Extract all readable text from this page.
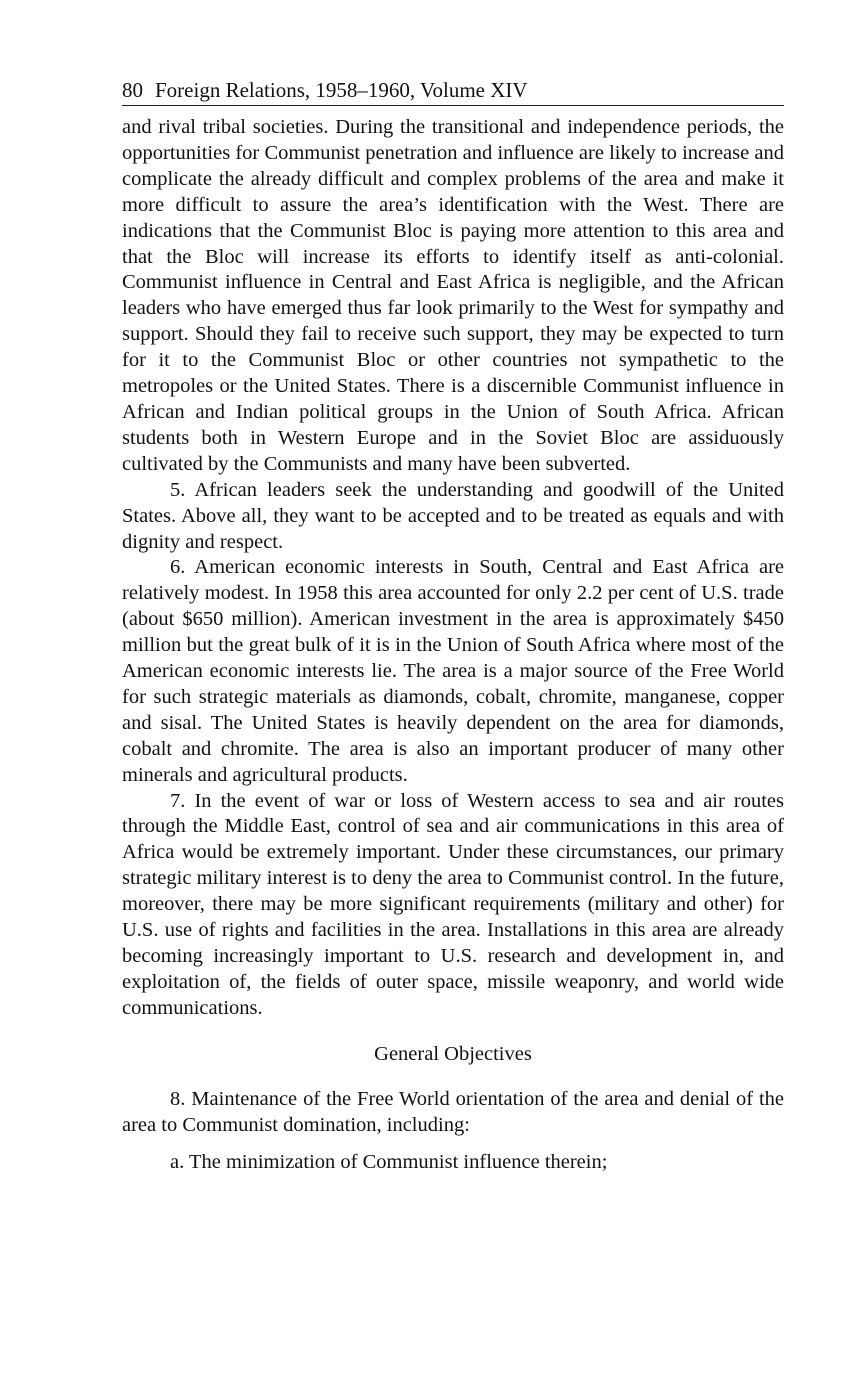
80 Foreign Relations, 1958–1960, Volume XIV

and rival tribal societies. During the transitional and independence periods, the opportunities for Communist penetration and influence are likely to increase and complicate the already difficult and complex problems of the area and make it more difficult to assure the area’s identification with the West. There are indications that the Communist Bloc is paying more attention to this area and that the Bloc will increase its efforts to identify itself as anti-colonial. Communist influence in Central and East Africa is negligible, and the African leaders who have emerged thus far look primarily to the West for sympathy and support. Should they fail to receive such support, they may be expected to turn for it to the Communist Bloc or other countries not sympathetic to the metropoles or the United States. There is a discernible Communist influence in African and Indian political groups in the Union of South Africa. African students both in Western Europe and in the Soviet Bloc are assiduously cultivated by the Communists and many have been subverted.

5. African leaders seek the understanding and goodwill of the United States. Above all, they want to be accepted and to be treated as equals and with dignity and respect.

6. American economic interests in South, Central and East Africa are relatively modest. In 1958 this area accounted for only 2.2 per cent of U.S. trade (about $650 million). American investment in the area is approximately $450 million but the great bulk of it is in the Union of South Africa where most of the American economic interests lie. The area is a major source of the Free World for such strategic materials as diamonds, cobalt, chromite, manganese, copper and sisal. The United States is heavily dependent on the area for diamonds, cobalt and chromite. The area is also an important producer of many other minerals and agricultural products.

7. In the event of war or loss of Western access to sea and air routes through the Middle East, control of sea and air communications in this area of Africa would be extremely important. Under these circumstances, our primary strategic military interest is to deny the area to Communist control. In the future, moreover, there may be more significant requirements (military and other) for U.S. use of rights and facilities in the area. Installations in this area are already becoming increasingly important to U.S. research and development in, and exploitation of, the fields of outer space, missile weaponry, and world wide communications.

General Objectives

8. Maintenance of the Free World orientation of the area and denial of the area to Communist domination, including:

a. The minimization of Communist influence therein;
